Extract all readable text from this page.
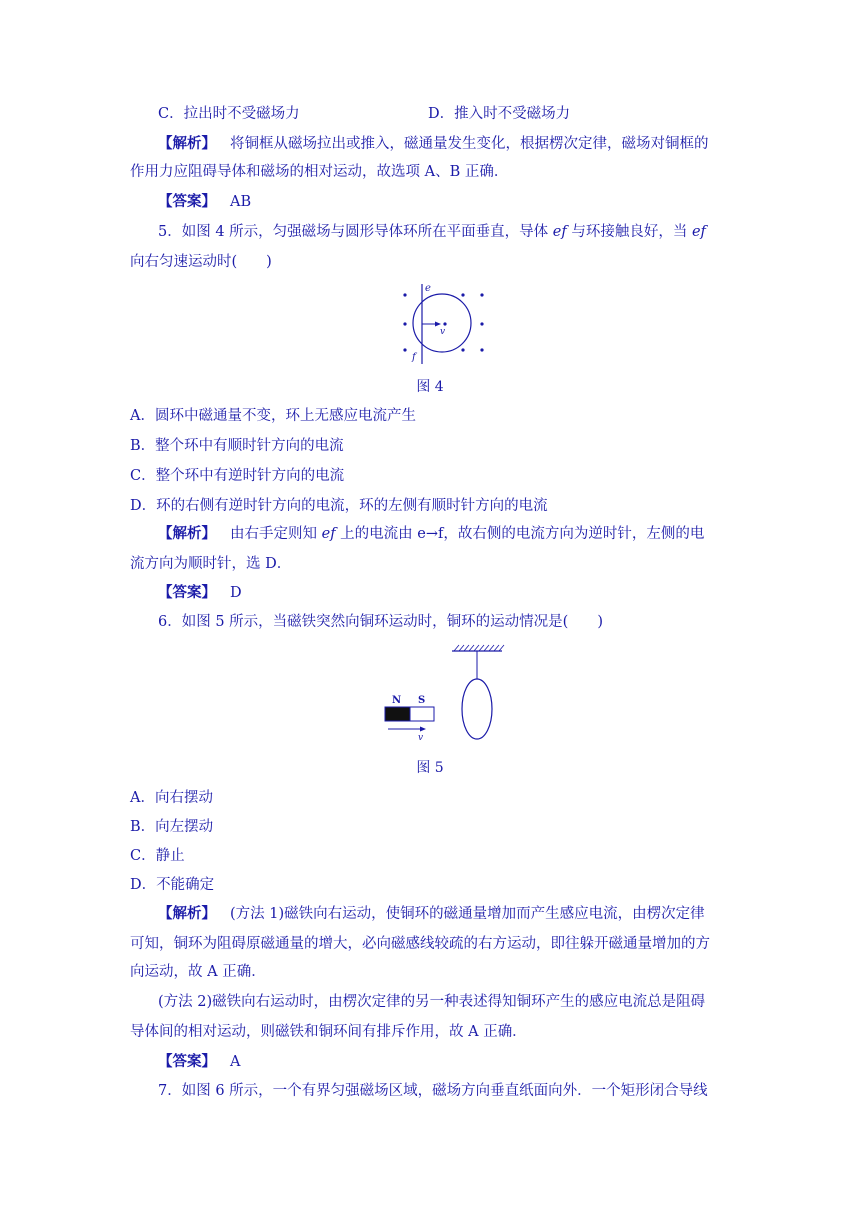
C．拉出时不受磁场力	D．推入时不受磁场力
【解析】 将铜框从磁场拉出或推入，磁通量发生变化，根据楞次定律，磁场对铜框的
作用力应阻碍导体和磁场的相对运动，故选项 A、B 正确．
【答案】 AB
5．如图 4 所示，匀强磁场与圆形导体环所在平面垂直，导体 ef 与环接触良好，当 ef
向右匀速运动时(　　)
e
f
v
图 4
A．圆环中磁通量不变，环上无感应电流产生
B．整个环中有顺时针方向的电流
C．整个环中有逆时针方向的电流
D．环的右侧有逆时针方向的电流，环的左侧有顺时针方向的电流
【解析】 由右手定则知 ef 上的电流由 e→f，故右侧的电流方向为逆时针，左侧的电
流方向为顺时针，选 D．
【答案】 D
6．如图 5 所示，当磁铁突然向铜环运动时，铜环的运动情况是(　　)
N S
v
图 5
A．向右摆动
B．向左摆动
C．静止
D．不能确定
【解析】 (方法 1)磁铁向右运动，使铜环的磁通量增加而产生感应电流，由楞次定律
可知，铜环为阻碍原磁通量的增大，必向磁感线较疏的右方运动，即往躲开磁通量增加的方
向运动，故 A 正确．
(方法 2)磁铁向右运动时，由楞次定律的另一种表述得知铜环产生的感应电流总是阻碍
导体间的相对运动，则磁铁和铜环间有排斥作用，故 A 正确．
【答案】 A
7．如图 6 所示，一个有界匀强磁场区域，磁场方向垂直纸面向外．一个矩形闭合导线
